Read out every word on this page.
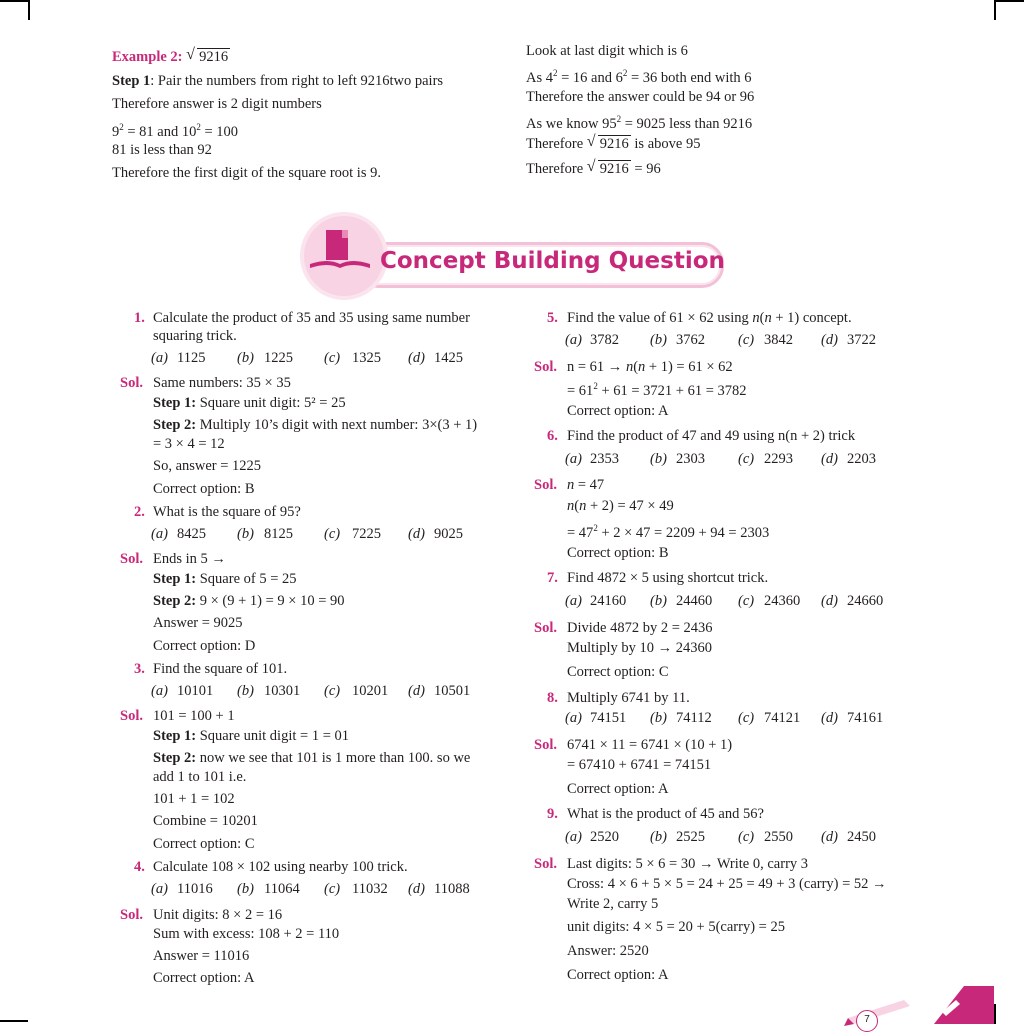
Example 2: √ 9216
Step 1: Pair the numbers from right to left 9216two pairs
Therefore answer is 2 digit numbers
$9^2 = 81$ and $10^2 = 100$
81 is less than 92
Therefore the first digit of the square root is 9.
Look at last digit which is 6
As $4^2 = 16$ and $6^2 = 36$ both end with 6
Therefore the answer could be 94 or 96
As we know $95^2 = 9025$ less than 9216
Therefore √ 9216 is above 95
Therefore √ 9216 = 96
Concept Building Question
1. Calculate the product of 35 and 35 using same number
squaring trick.
(a) 1125 (b) 1225 (c) 1325 (d) 1425
Sol. Same numbers: 35 × 35
Step 1: Square unit digit: 5² = 25
Step 2: Multiply 10’s digit with next number: 3×(3 + 1)
= 3 × 4 = 12
So, answer = 1225
Correct option: B
2. What is the square of 95?
(a) 8425 (b) 8125 (c) 7225 (d) 9025
Sol. Ends in 5 →
Step 1: Square of 5 = 25
Step 2: 9 × (9 + 1) = 9 × 10 = 90
Answer = 9025
Correct option: D
3. Find the square of 101.
(a) 10101 (b) 10301 (c) 10201 (d) 10501
Sol. 101 = 100 + 1
Step 1: Square unit digit = 1 = 01
Step 2: now we see that 101 is 1 more than 100. so we
add 1 to 101 i.e.
101 + 1 = 102
Combine = 10201
Correct option: C
4. Calculate 108 × 102 using nearby 100 trick.
(a) 11016 (b) 11064 (c) 11032 (d) 11088
Sol. Unit digits: 8 × 2 = 16
Sum with excess: 108 + 2 = 110
Answer = 11016
Correct option: A
5. Find the value of 61 × 62 using n(n + 1) concept.
(a) 3782 (b) 3762 (c) 3842 (d) 3722
Sol. n = 61 → n(n + 1) = 61 × 62
= $61^2 + 61 = 3721 + 61 = 3782$
Correct option: A
6. Find the product of 47 and 49 using n(n + 2) trick
(a) 2353 (b) 2303 (c) 2293 (d) 2203
Sol. n = 47
n(n + 2) = 47 × 49
= $47^2 + 2 \times 47 = 2209 + 94 = 2303$
Correct option: B
7. Find 4872 × 5 using shortcut trick.
(a) 24160 (b) 24460 (c) 24360 (d) 24660
Sol. Divide 4872 by 2 = 2436
Multiply by 10 → 24360
Correct option: C
8. Multiply 6741 by 11.
(a) 74151 (b) 74112 (c) 74121 (d) 74161
Sol. 6741 × 11 = 6741 × (10 + 1)
= 67410 + 6741 = 74151
Correct option: A
9. What is the product of 45 and 56?
(a) 2520 (b) 2525 (c) 2550 (d) 2450
Sol. Last digits: 5 × 6 = 30 → Write 0, carry 3
Cross: 4 × 6 + 5 × 5 = 24 + 25 = 49 + 3 (carry) = 52 →
Write 2, carry 5
unit digits: 4 × 5 = 20 + 5(carry) = 25
Answer: 2520
Correct option: A
7
